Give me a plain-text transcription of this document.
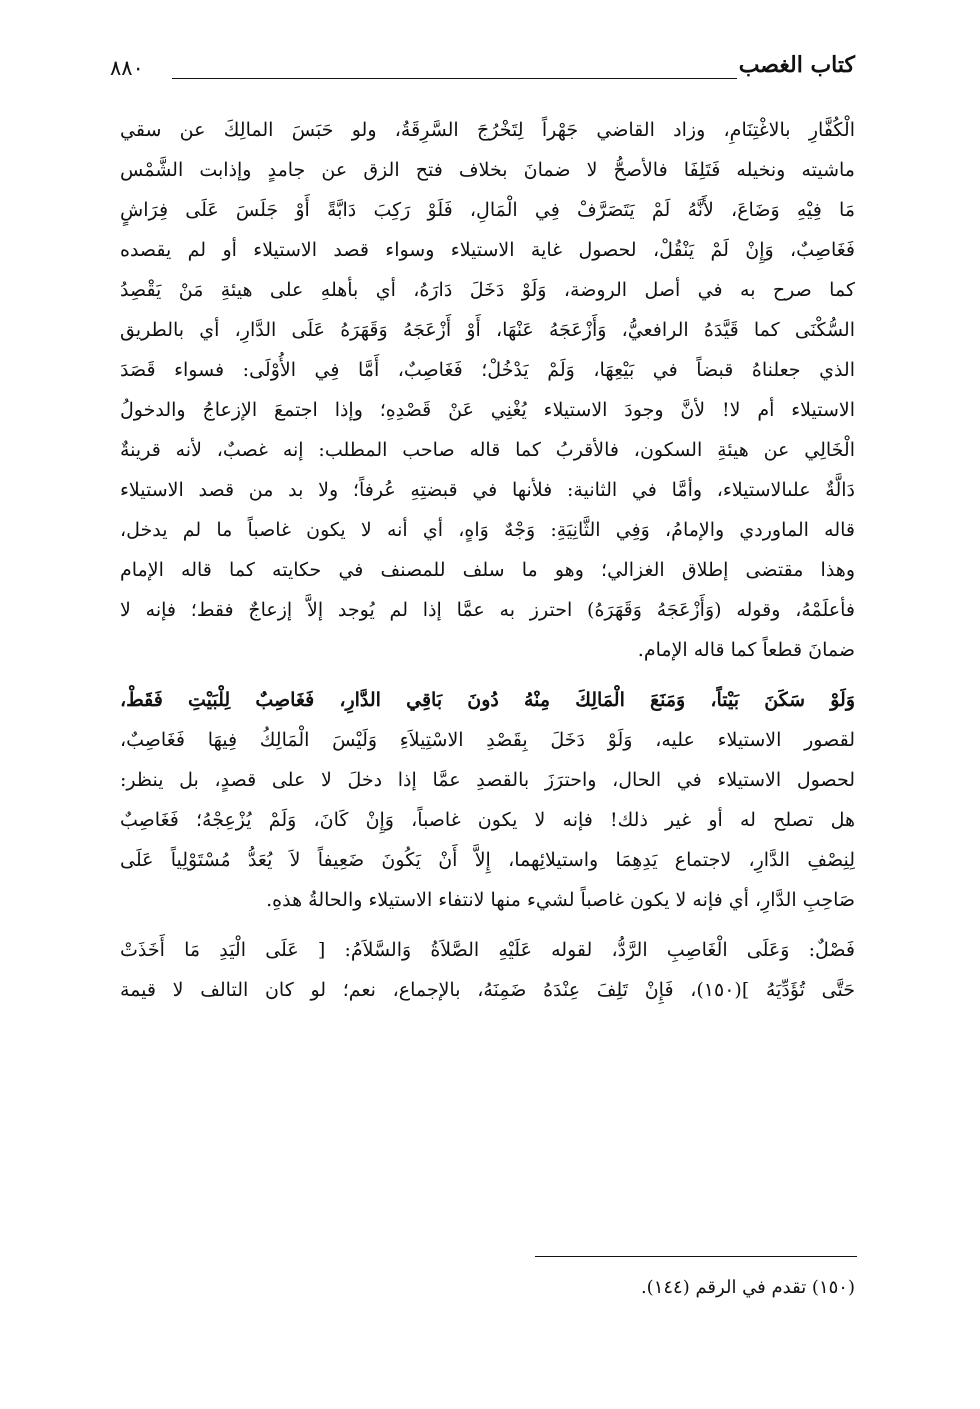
كتاب الغصب
٨٨٠
الْكُفَّارِ بالاغْتِنَامِ، وزاد القاضي جَهْراً لِتَخْرُجَ السَّرِقَةُ، ولو حَبَسَ المالِكَ عن سقي
ماشيته ونخيله فَتَلِفَا فالأصحُّ لا ضمانَ بخلاف فتح الزق عن جامدٍ وإذابت الشَّمْس
مَا فِيْهِ وَضَاعَ، لأَنَّهُ لَمْ يَتَصَرَّفْ فِي الْمَالِ، فَلَوْ رَكِبَ دَابَّةً أَوْ جَلَسَ عَلَى فِرَاشٍ
فَغَاصِبٌ، وَإِنْ لَمْ يَنْقُلْ، لحصول غاية الاستيلاء وسواء قصد الاستيلاء أو لم يقصده
كما صرح به في أصل الروضة، وَلَوْ دَخَلَ دَارَهُ، أي بأهلهِ على هيئةِ مَنْ يَقْصِدُ
السُّكْنَى كما قَيَّدَهُ الرافعيُّ، وَأَزْعَجَهُ عَنْهَا، أَوْ أَزْعَجَهُ وَقَهَرَهُ عَلَى الدَّارِ، أي بالطريق
الذي جعلناهُ قبضاً في بَيْعِهَا، وَلَمْ يَدْخُلْ؛ فَغَاصِبٌ، أَمَّا فِي الأُوْلَى: فسواء قَصَدَ
الاستيلاء أم لا! لأنَّ وجودَ الاستيلاء يُغْنِي عَنْ قَصْدِهِ؛ وإذا اجتمعَ الإزعاجُ والدخولُ
الْخَالِي عن هيئةِ السكون، فالأقربُ كما قاله صاحب المطلب: إنه غصبٌ، لأنه قرينةٌ
دَالَّةٌ علىالاستيلاء، وأمَّا في الثانية: فلأنها في قبضتِهِ عُرفاً؛ ولا بد من قصد الاستيلاء
قاله الماوردي والإمامُ، وَفِي الثَّانِيَةِ: وَجْهٌ وَاهٍ، أي أنه لا يكون غاصباً ما لم يدخل،
وهذا مقتضى إطلاق الغزالي؛ وهو ما سلف للمصنف في حكايته كما قاله الإمام
فأعلَمْهُ، وقوله (وَأَزْعَجَهُ وَقَهَرَهُ) احترز به عمَّا إذا لم يُوجد إلاَّ إزعاجٌ فقط؛ فإنه لا
ضمانَ قطعاً كما قاله الإمام.
وَلَوْ سَكَنَ بَيْتاً، وَمَنَعَ الْمَالِكَ مِنْهُ دُونَ بَاقِي الدَّارِ، فَغَاصِبٌ لِلْبَيْتِ فَقَطْ،
لقصور الاستيلاء عليه، وَلَوْ دَخَلَ بِقَصْدِ الاسْتِيلاَءِ وَلَيْسَ الْمَالِكُ فِيهَا فَغَاصِبٌ،
لحصول الاستيلاء في الحال، واحترَزَ بالقصدِ عمَّا إذا دخلَ لا على قصدٍ، بل ينظر:
هل تصلح له أو غير ذلك! فإنه لا يكون غاصباً، وَإِنْ كَانَ، وَلَمْ يُزْعِجْهُ؛ فَغَاصِبٌ
لِنِصْفِ الدَّارِ، لاجتماع يَدِهِمَا واستيلائِهما، إِلاَّ أَنْ يَكُونَ ضَعِيفاً لاَ يُعَدُّ مُسْتَوْلِياً عَلَى
صَاحِبِ الدَّارِ، أي فإنه لا يكون غاصباً لشيء منها لانتفاء الاستيلاء والحالةُ هذهِ.
فَصْلٌ: وَعَلَى الْغَاصِبِ الرَّدُّ، لقوله عَلَيْهِ الصَّلاَةُ وَالسَّلاَمُ: [ عَلَى الْيَدِ مَا أَخَذَتْ
حَتَّى تُؤَدِّيَهُ ](١٥٠)، فَإِنْ تَلِفَ عِنْدَهُ ضَمِنَهُ، بالإجماع، نعم؛ لو كان التالف لا قيمة
(١٥٠) تقدم في الرقم (١٤٤).
